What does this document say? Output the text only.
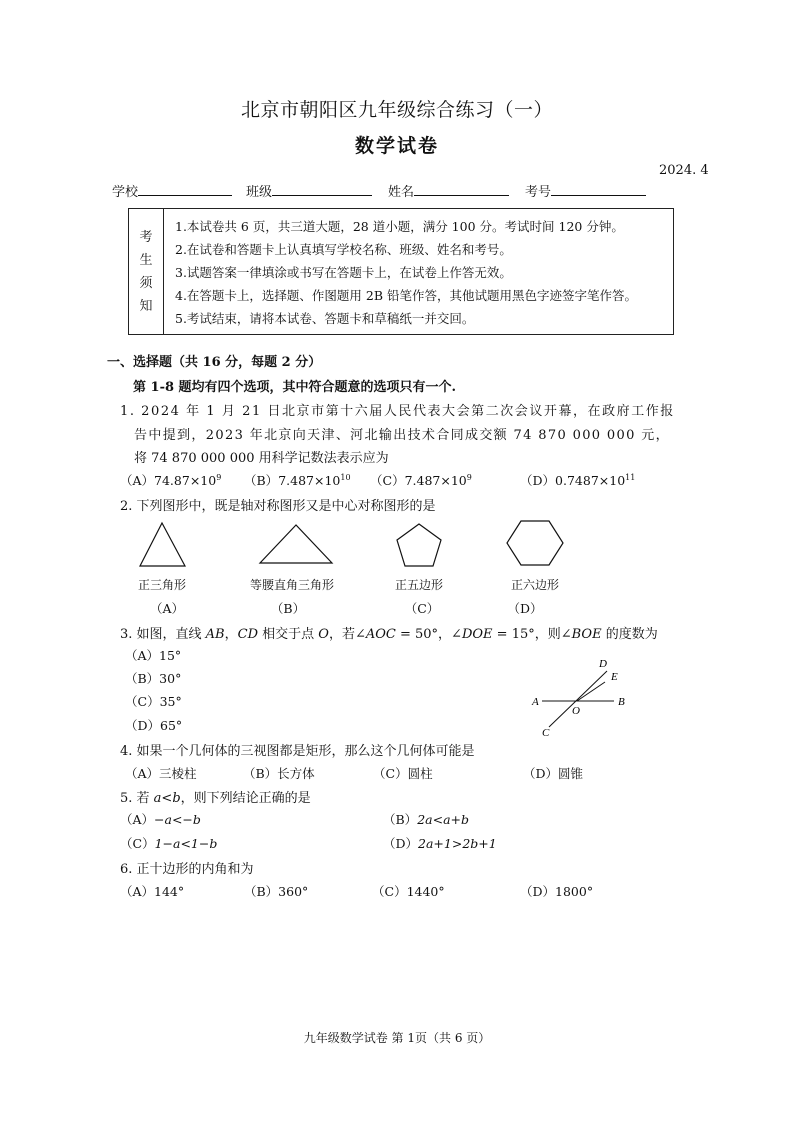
北京市朝阳区九年级综合练习（一）
数学试卷
2024. 4
学校	班级	姓名	考号
考
生
须
知
1.本试卷共 6 页，共三道大题，28 道小题，满分 100 分。考试时间 120 分钟。
2.在试卷和答题卡上认真填写学校名称、班级、姓名和考号。
3.试题答案一律填涂或书写在答题卡上，在试卷上作答无效。
4.在答题卡上，选择题、作图题用 2B 铅笔作答，其他试题用黑色字迹签字笔作答。
5.考试结束，请将本试卷、答题卡和草稿纸一并交回。
一、选择题（共 16 分，每题 2 分）
第 1-8 题均有四个选项，其中符合题意的选项只有一个.
1. 2024 年 1 月 21 日北京市第十六届人民代表大会第二次会议开幕，在政府工作报
告中提到，2023 年北京向天津、河北输出技术合同成交额 74 870 000 000 元，
将 74 870 000 000 用科学记数法表示应为
$(A)74.87\times 10^9$ $(B)7.487\times 10^{10}$ $(C)7.487\times 10^9$	$(D)0.7487\times 10^{11}$
2. 下列图形中，既是轴对称图形又是中心对称图形的是
正三角形	等腰直角三角形	正五边形	正六边形
（A）	（B）	（C）	（D）
3. 如图，直线 AB，CD 相交于点 O，若∠AOC = 50°，∠DOE = 15°，则∠BOE 的度数为
（A）15°
（B）30°
（C）35°
（D）65°
D
E
A	B
O
C
4. 如果一个几何体的三视图都是矩形，那么这个几何体可能是
（A）三棱柱	（B）长方体	（C）圆柱	（D）圆锥
5. 若 a<b，则下列结论正确的是
（A）−a<−b	（B）2a<a+b
（C）1−a<1−b	（D）2a+1>2b+1
6. 正十边形的内角和为
（A）144°	（B）360°	（C）1440°	（D）1800°
九年级数学试卷 第 1页（共 6 页）
